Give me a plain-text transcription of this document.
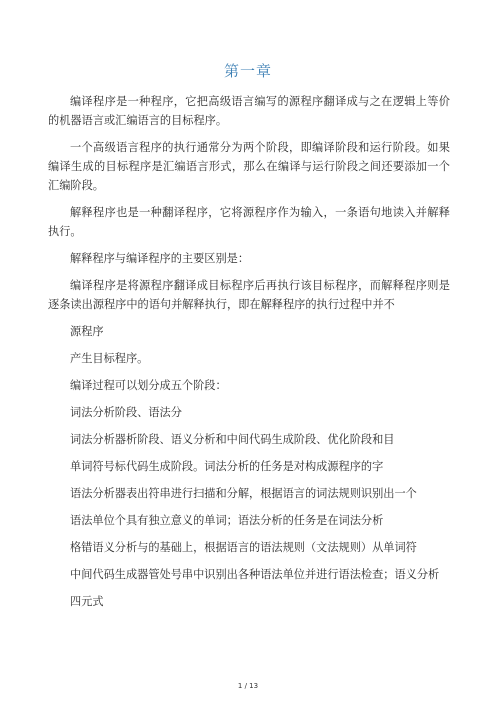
第一章

编译程序是一种程序，它把高级语言编写的源程序翻译成与之在逻辑上等价的机器语言或汇编语言的目标程序。

一个高级语言程序的执行通常分为两个阶段，即编译阶段和运行阶段。如果编译生成的目标程序是汇编语言形式，那么在编译与运行阶段之间还要添加一个汇编阶段。

解释程序也是一种翻译程序，它将源程序作为输入，一条语句地读入并解释执行。

解释程序与编译程序的主要区别是：

编译程序是将源程序翻译成目标程序后再执行该目标程序，而解释程序则是逐条读出源程序中的语句并解释执行，即在解释程序的执行过程中并不

源程序

产生目标程序。

编译过程可以划分成五个阶段：

词法分析阶段、语法分

词法分析器析阶段、语义分析和中间代码生成阶段、优化阶段和目

单词符号标代码生成阶段。词法分析的任务是对构成源程序的字

语法分析器表出符串进行扫描和分解，根据语言的词法规则识别出一个

语法单位个具有独立意义的单词；语法分析的任务是在词法分析

格错语义分析与的基础上，根据语言的语法规则（文法规则）从单词符

中间代码生成器管处号串中识别出各种语法单位并进行语法检查；语义分析

四元式

1 / 13
